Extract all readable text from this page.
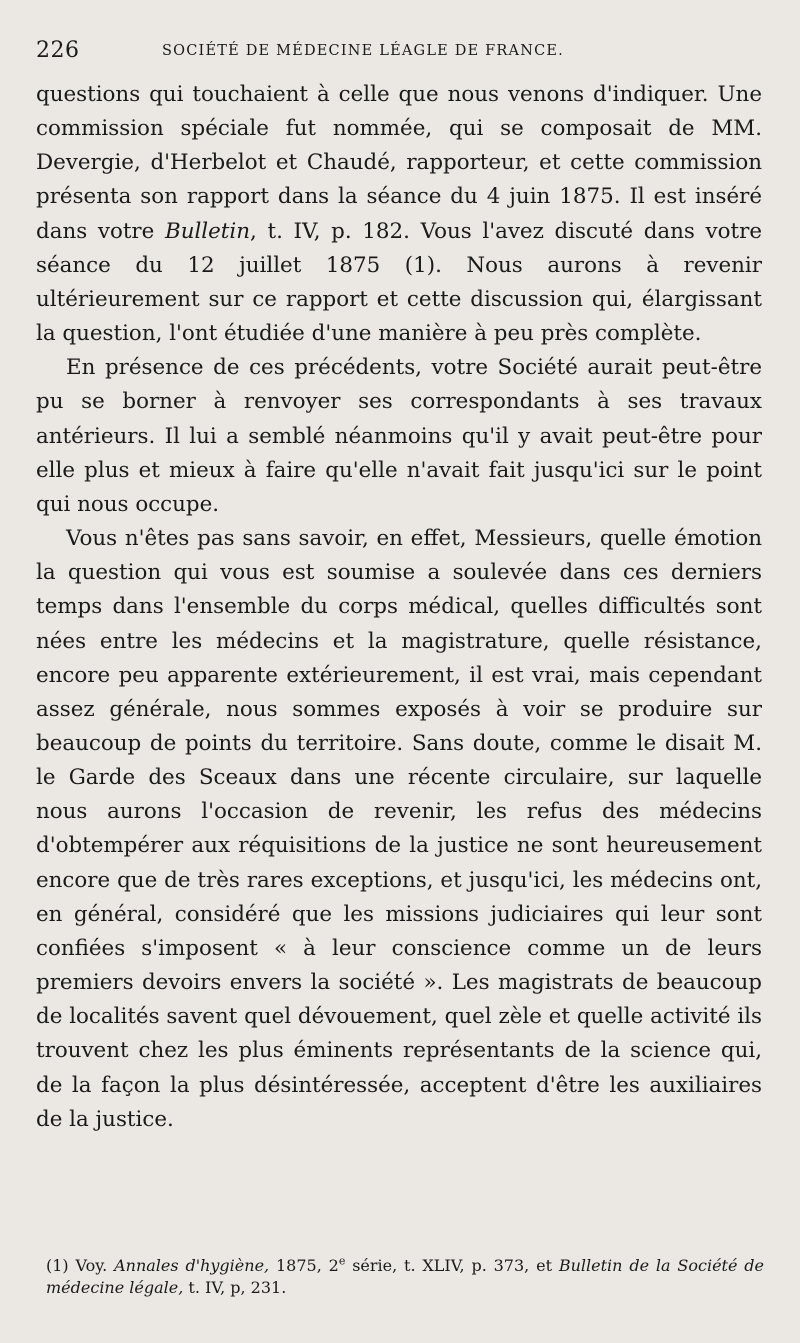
226	SOCIÉTÉ DE MÉDECINE LÉAGLE DE FRANCE.

questions qui touchaient à celle que nous venons d'indiquer. Une commission spéciale fut nommée, qui se composait de MM. Devergie, d'Herbelot et Chaudé, rapporteur, et cette commission présenta son rapport dans la séance du 4 juin 1875. Il est inséré dans votre Bulletin, t. IV, p. 182. Vous l'avez discuté dans votre séance du 12 juillet 1875 (1). Nous aurons à revenir ultérieurement sur ce rapport et cette discussion qui, élargissant la question, l'ont étudiée d'une manière à peu près complète.

En présence de ces précédents, votre Société aurait peut-être pu se borner à renvoyer ses correspondants à ses travaux antérieurs. Il lui a semblé néanmoins qu'il y avait peut-être pour elle plus et mieux à faire qu'elle n'avait fait jusqu'ici sur le point qui nous occupe.

Vous n'êtes pas sans savoir, en effet, Messieurs, quelle émotion la question qui vous est soumise a soulevée dans ces derniers temps dans l'ensemble du corps médical, quelles difficultés sont nées entre les médecins et la magistrature, quelle résistance, encore peu apparente extérieurement, il est vrai, mais cependant assez générale, nous sommes exposés à voir se produire sur beaucoup de points du territoire. Sans doute, comme le disait M. le Garde des Sceaux dans une récente circulaire, sur laquelle nous aurons l'occasion de revenir, les refus des médecins d'obtempérer aux réquisitions de la justice ne sont heureusement encore que de très rares exceptions, et jusqu'ici, les médecins ont, en général, considéré que les missions judiciaires qui leur sont confiées s'imposent « à leur conscience comme un de leurs premiers devoirs envers la société ». Les magistrats de beaucoup de localités savent quel dévouement, quel zèle et quelle activité ils trouvent chez les plus éminents représentants de la science qui, de la façon la plus désintéressée, acceptent d'être les auxiliaires de la justice.

(1) Voy. Annales d'hygiène, 1875, 2e série, t. XLIV, p. 373, et Bulletin de la Société de médecine légale, t. IV, p, 231.
